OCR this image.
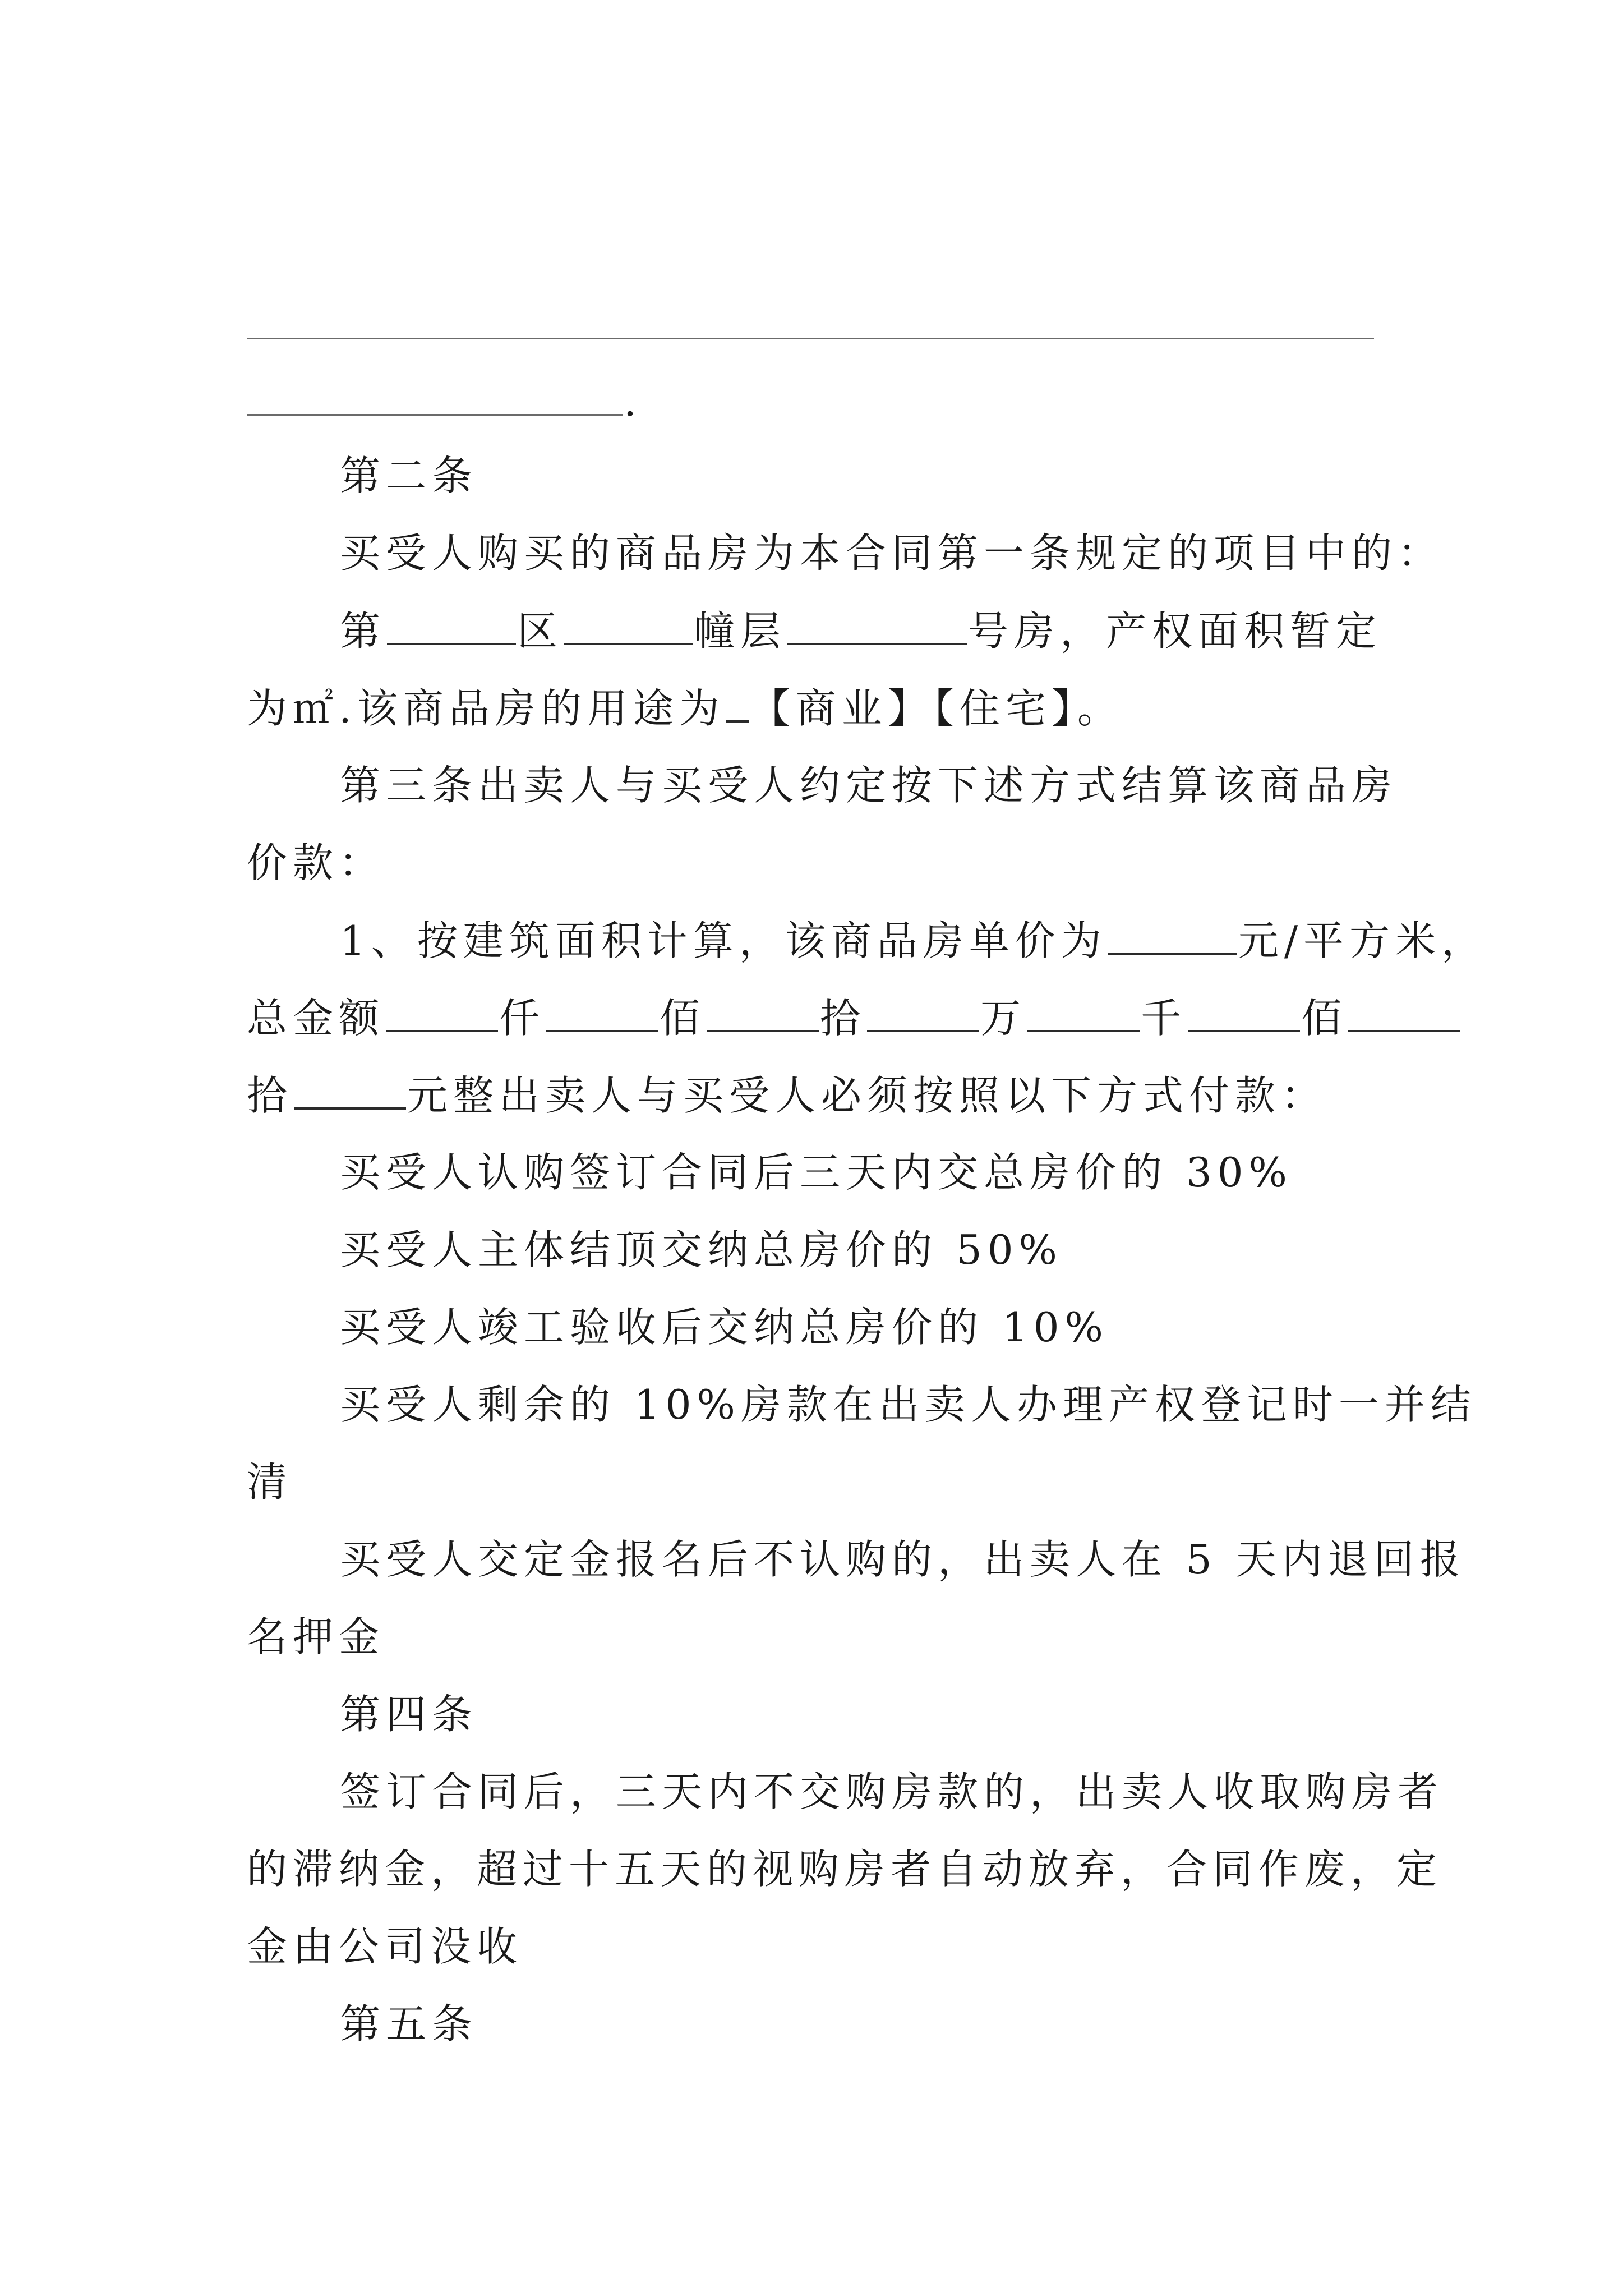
.
第二条
买受人购买的商品房为本合同第一条规定的项目中的：
第	区	幢层	号房，产权面积暂定
为㎡.该商品房的用途为 【商业】【住宅】。
第三条出卖人与买受人约定按下述方式结算该商品房
价款：
1、按建筑面积计算，该商品房单价为	元/平方米，
总金额	仟	佰	拾	万	千	佰
拾	元整出卖人与买受人必须按照以下方式付款：
买受人认购签订合同后三天内交总房价的 30%
买受人主体结顶交纳总房价的 50%
买受人竣工验收后交纳总房价的 10%
买受人剩余的 10%房款在出卖人办理产权登记时一并结
清
买受人交定金报名后不认购的，出卖人在 5 天内退回报
名押金
第四条
签订合同后，三天内不交购房款的，出卖人收取购房者
的滞纳金，超过十五天的视购房者自动放弃，合同作废，定
金由公司没收
第五条
